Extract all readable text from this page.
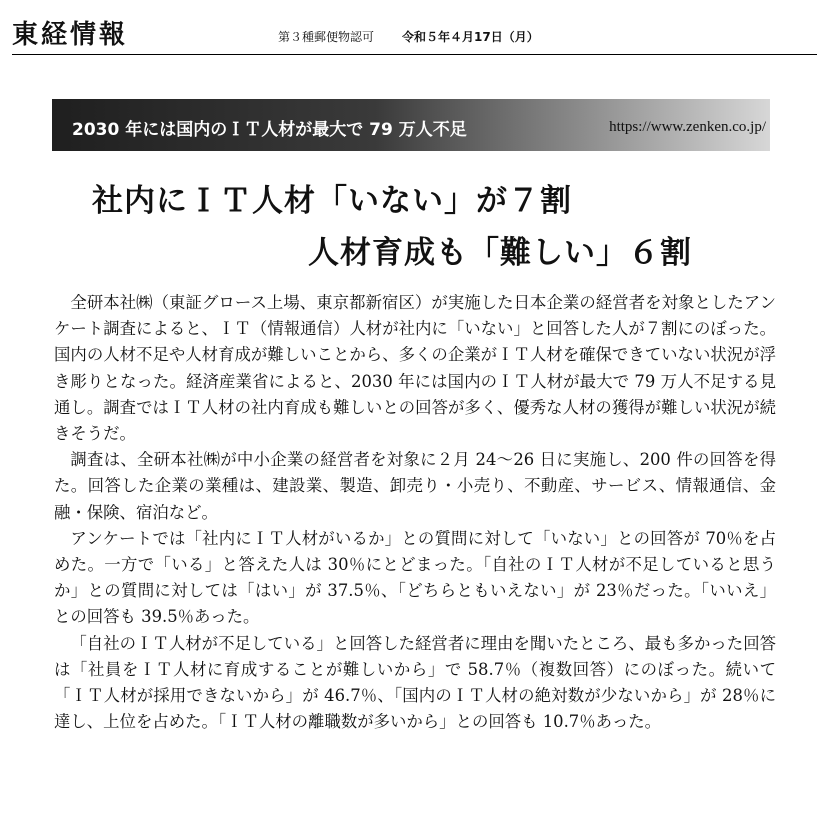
東経情報	第３種郵便物認可 令和５年４月17日（月）
2030 年には国内のＩＴ人材が最大で 79 万人不足	https://www.zenken.co.jp/
社内にＩＴ人材「いない」が７割
人材育成も「難しい」６割

全研本社㈱（東証グロース上場、東京都新宿区）が実施した日本企業の経営者を対象としたアンケート調査によると、ＩＴ（情報通信）人材が社内に「いない」と回答した人が７割にのぼった。国内の人材不足や人材育成が難しいことから、多くの企業がＩＴ人材を確保できていない状況が浮き彫りとなった。経済産業省によると、2030 年には国内のＩＴ人材が最大で 79 万人不足する見通し。調査ではＩＴ人材の社内育成も難しいとの回答が多く、優秀な人材の獲得が難しい状況が続きそうだ。

調査は、全研本社㈱が中小企業の経営者を対象に２月 24～26 日に実施し、200 件の回答を得た。回答した企業の業種は、建設業、製造、卸売り・小売り、不動産、サービス、情報通信、金融・保険、宿泊など。

アンケートでは「社内にＩＴ人材がいるか」との質問に対して「いない」との回答が 70％を占めた。一方で「いる」と答えた人は 30％にとどまった。「自社のＩＴ人材が不足していると思うか」との質問に対しては「はい」が 37.5％、「どちらともいえない」が 23％だった。「いいえ」との回答も 39.5％あった。

「自社のＩＴ人材が不足している」と回答した経営者に理由を聞いたところ、最も多かった回答は「社員をＩＴ人材に育成することが難しいから」で 58.7％（複数回答）にのぼった。続いて「ＩＴ人材が採用できないから」が 46.7％、「国内のＩＴ人材の絶対数が少ないから」が 28％に達し、上位を占めた。「ＩＴ人材の離職数が多いから」との回答も 10.7％あった。
